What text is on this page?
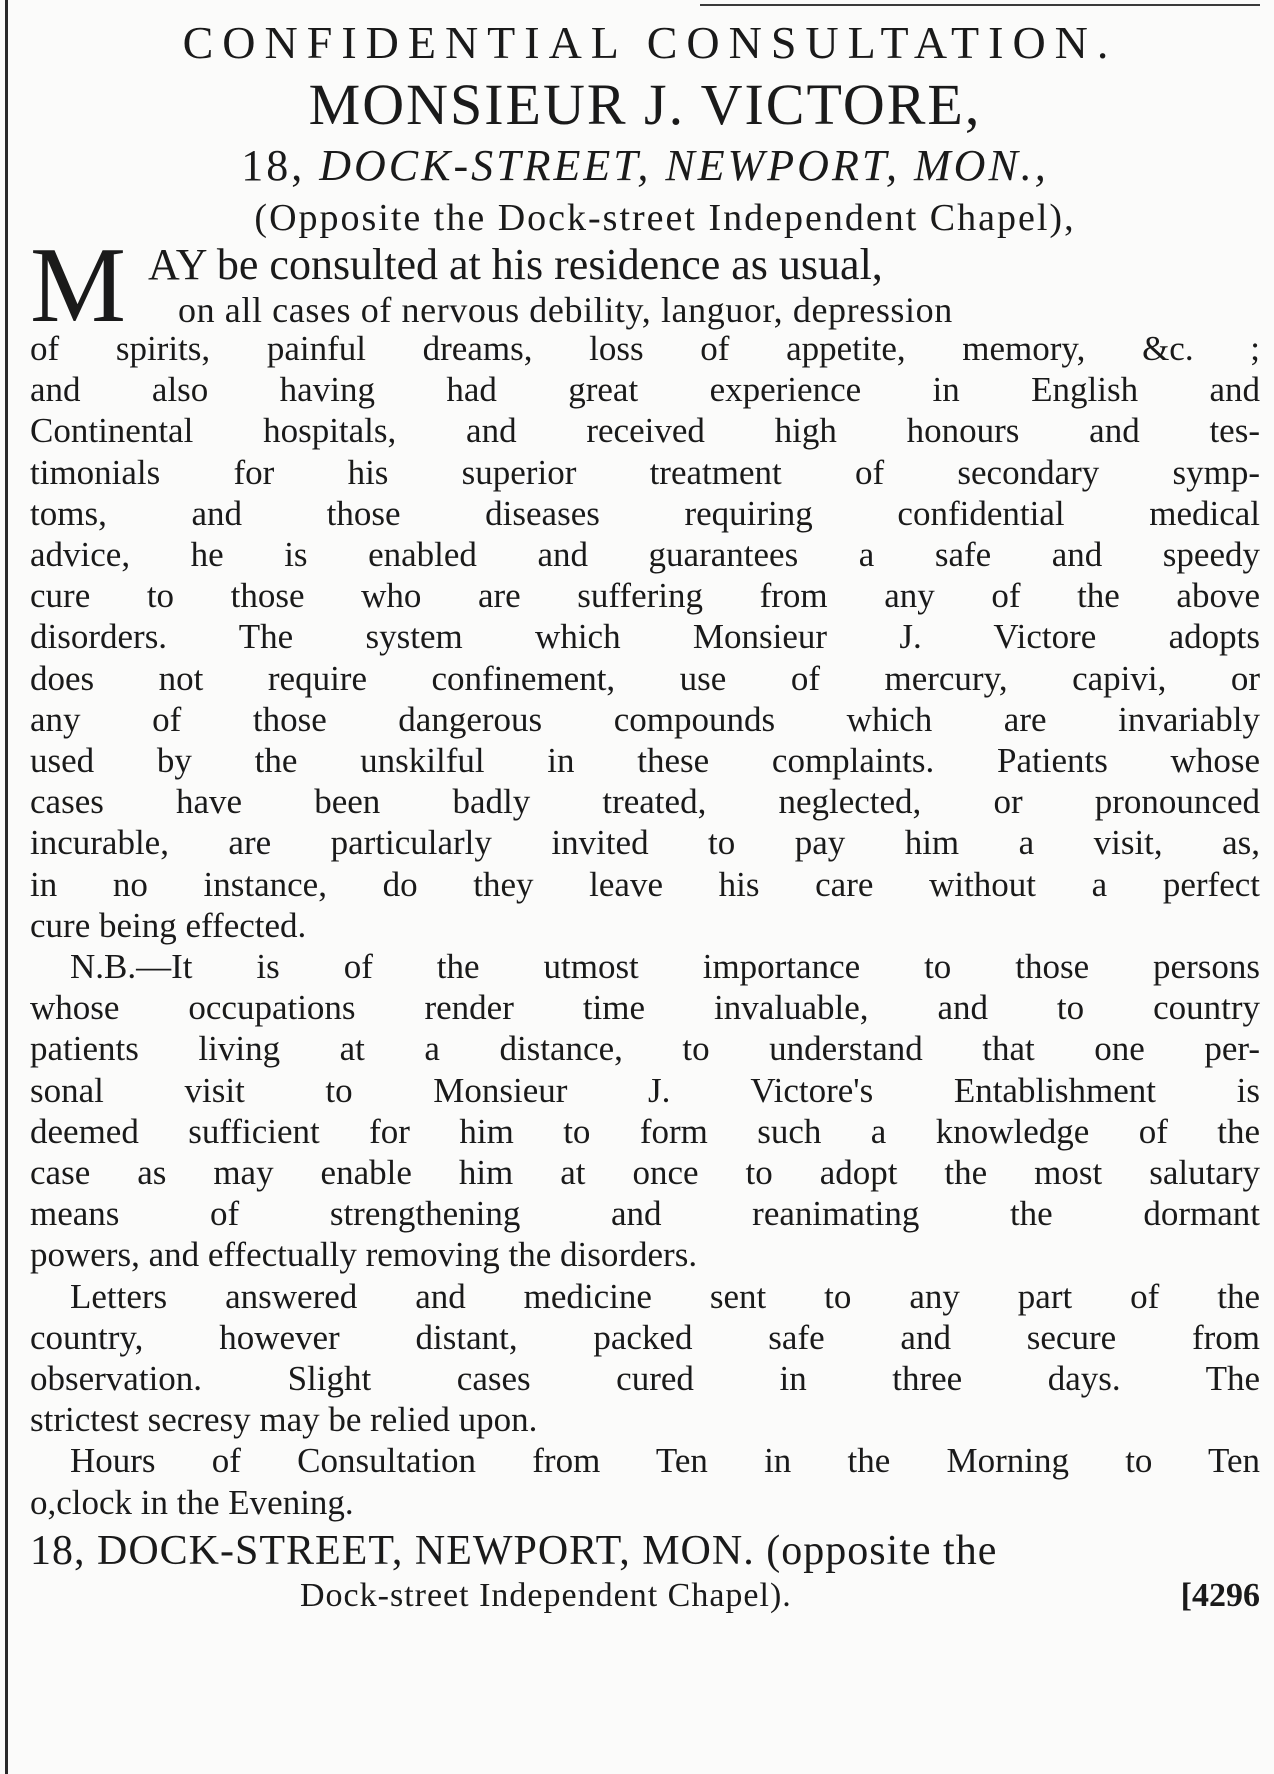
CONFIDENTIAL CONSULTATION.
MONSIEUR J. VICTORE,
18, DOCK-STREET, NEWPORT, MON.,
(Opposite the Dock-street Independent Chapel),
M AY be consulted at his residence as usual,
on all cases of nervous debility, languor, depression
of spirits, painful dreams, loss of appetite, memory, &c. ;
and also having had great experience in English and
Continental hospitals, and received high honours and tes-
timonials for his superior treatment of secondary symp-
toms, and those diseases requiring confidential medical
advice, he is enabled and guarantees a safe and speedy
cure to those who are suffering from any of the above
disorders. The system which Monsieur J. Victore adopts
does not require confinement, use of mercury, capivi, or
any of those dangerous compounds which are invariably
used by the unskilful in these complaints. Patients whose
cases have been badly treated, neglected, or pronounced
incurable, are particularly invited to pay him a visit, as,
in no instance, do they leave his care without a perfect
cure being effected.
N.B.—It is of the utmost importance to those persons
whose occupations render time invaluable, and to country
patients living at a distance, to understand that one per-
sonal visit to Monsieur J. Victore's Entablishment is
deemed sufficient for him to form such a knowledge of the
case as may enable him at once to adopt the most salutary
means of strengthening and reanimating the dormant
powers, and effectually removing the disorders.
Letters answered and medicine sent to any part of the
country, however distant, packed safe and secure from
observation. Slight cases cured in three days. The
strictest secresy may be relied upon.
Hours of Consultation from Ten in the Morning to Ten
o,clock in the Evening.
18, DOCK-STREET, NEWPORT, MON. (opposite the
Dock-street Independent Chapel).	[4296
